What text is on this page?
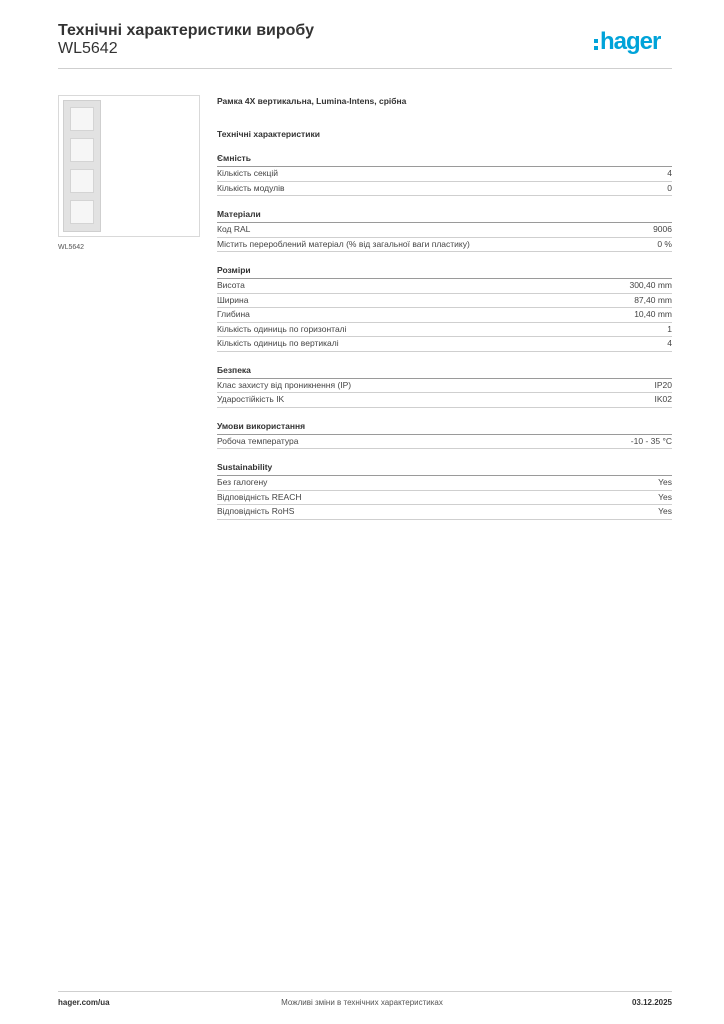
Технічні характеристики виробу
WL5642	hager
WL5642
Рамка 4X вертикальна, Lumina-Intens, срібна
Технічні характеристики
Ємність
Кількість секцій	4
Кількість модулів	0
Матеріали
Код RAL	9006
Містить перероблений матеріал (% від загальної ваги пластику)	0 %
Розміри
Висота	300,40 mm
Ширина	87,40 mm
Глибина	10,40 mm
Кількість одиниць по горизонталі	1
Кількість одиниць по вертикалі	4
Безпека
Клас захисту від проникнення (IP)	IP20
Ударостійкість IK	IK02
Умови використання
Робоча температура	-10 - 35 °C
Sustainability
Без галогену	Yes
Відповідність REACH	Yes
Відповідність RoHS	Yes
hager.com/ua	Можливі зміни в технічних характеристиках	03.12.2025
